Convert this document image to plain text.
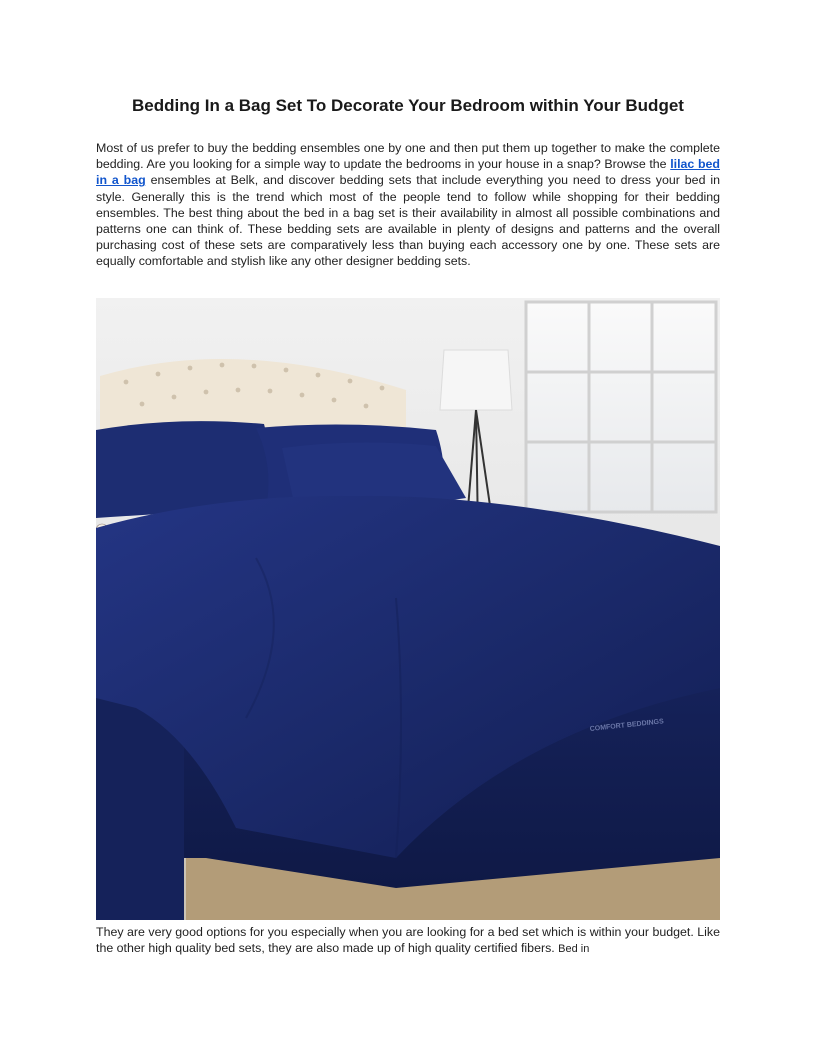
Bedding In a Bag Set To Decorate Your Bedroom within Your Budget

Most of us prefer to buy the bedding ensembles one by one and then put them up together to make the complete bedding. Are you looking for a simple way to update the bedrooms in your house in a snap? Browse the lilac bed in a bag ensembles at Belk, and discover bedding sets that include everything you need to dress your bed in style. Generally this is the trend which most of the people tend to follow while shopping for their bedding ensembles. The best thing about the bed in a bag set is their availability in almost all possible combinations and patterns one can think of. These bedding sets are available in plenty of designs and patterns and the overall purchasing cost of these sets are comparatively less than buying each accessory one by one. These sets are equally comfortable and stylish like any other designer bedding sets.

COMFORT BEDDINGS

They are very good options for you especially when you are looking for a bed set which is within your budget. Like the other high quality bed sets, they are also made up of high quality certified fibers. Bed in
